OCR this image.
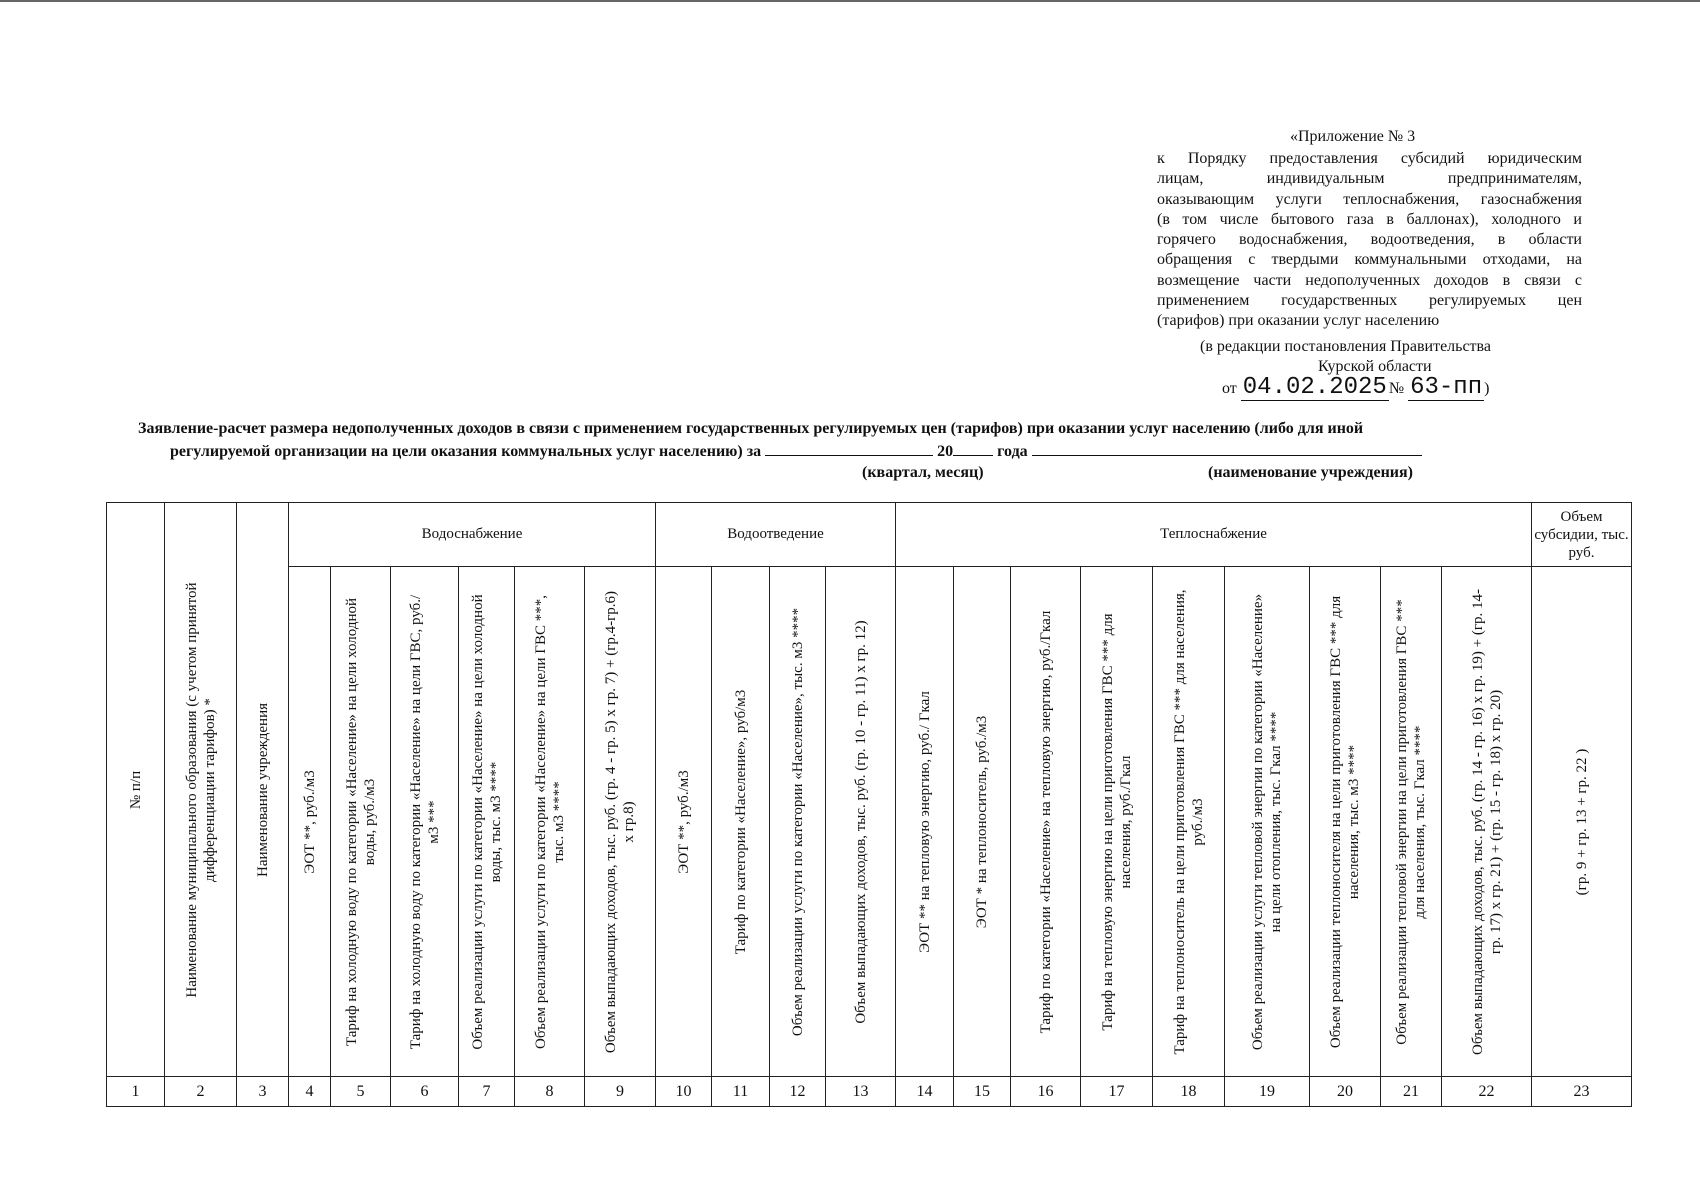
«Приложение № 3
к Порядку предоставления субсидий юридическим
лицам, индивидуальным предпринимателям,
оказывающим услуги теплоснабжения, газоснабжения
(в том числе бытового газа в баллонах), холодного и
горячего водоснабжения, водоотведения, в области
обращения с твердыми коммунальными отходами, на
возмещение части недополученных доходов в связи с
применением государственных регулируемых цен
(тарифов) при оказании услуг населению
(в редакции постановления Правительства
Курской области
от 04.02.2025 № 63-пп )
Заявление-расчет размера недополученных доходов в связи с применением государственных регулируемых цен (тарифов) при оказании услуг населению (либо для иной
регулируемой организации на цели оказания коммунальных услуг населению) за	20	года
(квартал, месяц)	(наименование учреждения)
№ п/п	Наименование муниципального образования (с учетом принятой дифференциации тарифов) *	Наименование учреждения	Водоснабжение						Водоотведение				Теплоснабжение									Объем субсидии, тыс. руб.

			ЭОТ **, руб./м3	Тариф на холодную воду по категории «Население» на цели холодной воды, руб./м3	Тариф на холодную воду по категории «Население» на цели ГВС, руб./м3 ***	Объем реализации услуги по категории «Население» на цели холодной воды, тыс. м3 ****	Объем реализации услуги по категории «Население» на цели ГВС ***, тыс. м3 ****	Объем выпадающих доходов, тыс. руб. (гр. 4 - гр. 5) х гр. 7) + (гр.4-гр.6) х гр.8)	ЭОТ **, руб./м3	Тариф по категории «Население», руб/м3	Объем реализации услуги по категории «Население», тыс. м3 ****	Объем выпадающих доходов, тыс. руб. (гр. 10 - гр. 11) х гр. 12)	ЭОТ ** на тепловую энергию, руб./ Гкал	ЭОТ * на теплоноситель, руб./м3	Тариф по категории «Население» на тепловую энергию, руб./Гкал	Тариф на тепловую энергию на цели приготовления ГВС *** для населения, руб./Гкал	Тариф на теплоноситель на цели приготовления ГВС *** для населения, руб./м3	Объем реализации услуги тепловой энергии по категории «Население» на цели отопления, тыс. Гкал ****	Объем реализации теплоносителя на цели приготовления ГВС *** для населения, тыс. м3 ****	Объем реализации тепловой энергии на цели приготовления ГВС *** для населения, тыс. Гкал ****	Объем выпадающих доходов, тыс. руб. (гр. 14 - гр. 16) х гр. 19) + (гр. 14- гр. 17) х гр. 21) + (гр. 15 - гр. 18) х гр. 20)	(гр. 9 + гр. 13 + гр. 22 )

1	2	3	4	5	6	7	8	9	10	11	12	13	14	15	16	17	18	19	20	21	22	23
